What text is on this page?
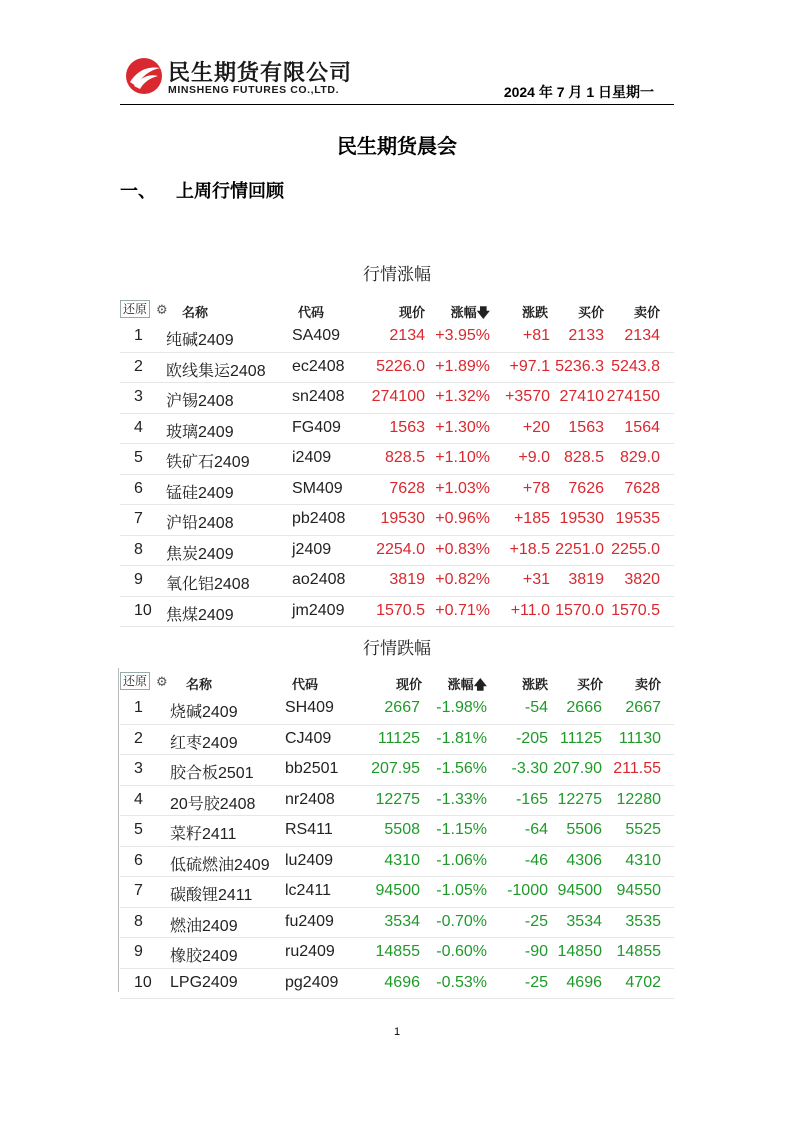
民生期货有限公司
MINSHENG FUTURES CO.,LTD.	2024 年 7 月 1 日星期一
民生期货晨会
一、 上周行情回顾
行情涨幅
还原 ⚙ 名称	代码	现价 涨幅🡇 涨跌 买价 卖价
1 纯碱2409	SA409	2134 +3.95% +81 2133 2134
2 欧线集运2408 ec2408 5226.0 +1.89% +97.1 5236.3 5243.8
3 沪锡2408	sn2408 274100 +1.32% +3570 27410 274150
4 玻璃2409	FG409	1563 +1.30% +20 1563 1564
5 铁矿石2409	i2409	828.5 +1.10% +9.0 828.5 829.0
6 锰硅2409	SM409	7628 +1.03% +78 7626 7628
7 沪铅2408	pb2408 19530 +0.96% +185 19530 19535
8 焦炭2409	j2409	2254.0 +0.83% +18.5 2251.0 2255.0
9 氧化铝2408	ao2408	3819 +0.82% +31 3819 3820
10 焦煤2409	jm2409 1570.5 +0.71% +11.0 1570.0 1570.5
行情跌幅
还原 ⚙ 名称	代码	现价 涨幅🡅	涨跌 买价 卖价
1 烧碱2409	SH409	2667 -1.98% -54 2666 2667
2 红枣2409	CJ409	11125 -1.81% -205 11125 11130
3 胶合板2501 bb2501 207.95 -1.56% -3.30 207.90 211.55
4 20号胶2408 nr2408	12275 -1.33% -165 12275 12280
5 菜籽2411	RS411	5508 -1.15% -64 5506 5525
6 低硫燃油2409 lu2409	4310 -1.06% -46 4306 4310
7 碳酸锂2411 lc2411	94500 -1.05% -1000 94500 94550
8 燃油2409	fu2409	3534 -0.70% -25 3534 3535
9 橡胶2409	ru2409	14855 -0.60% -90 14850 14855
10 LPG2409	pg2409	4696 -0.53% -25 4696 4702
1
